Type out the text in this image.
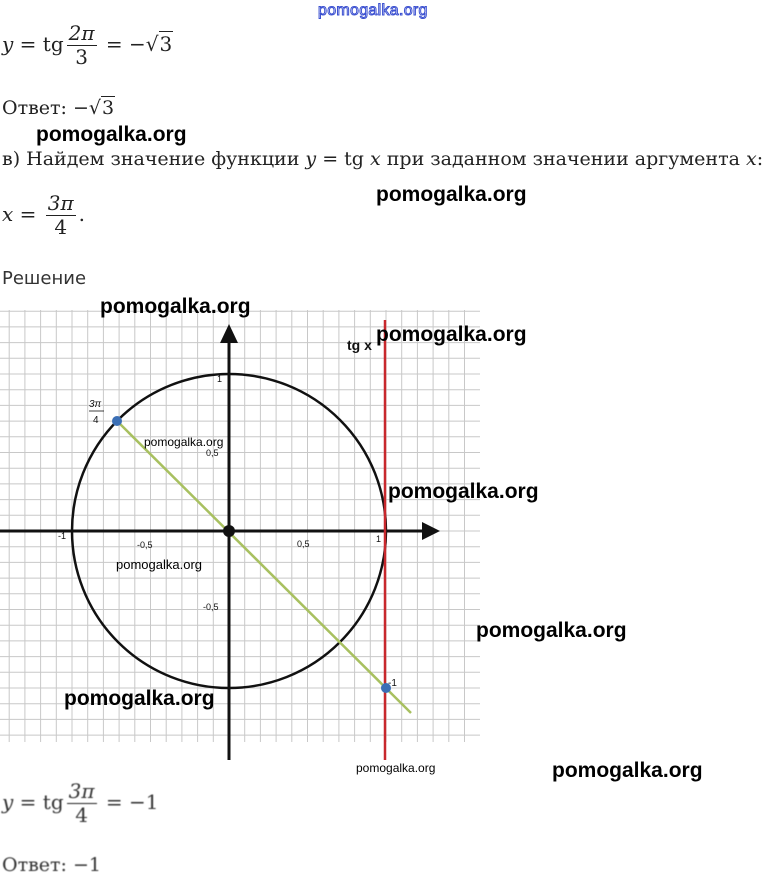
pomogalka.org
y = tg $\frac{2\pi}{3} = -√3$
Ответ: −√3
pomogalka.org
в) Найдем значение функции y = tg x при заданном значении аргумента x:
pomogalka.org
$x = \frac{3\pi}{4}$ .
Решение
tg x
1
0,5
-0,5
-1
-0,5	0,5	1
3π
4
-1
pomogalka.org
pomogalka.org
pomogalka.org
pomogalka.org
pomogalka.org
pomogalka.org
pomogalka.org
pomogalka.org	pomogalka.org
y = tg $\frac{3\pi}{4} = -1$
Ответ: −1
